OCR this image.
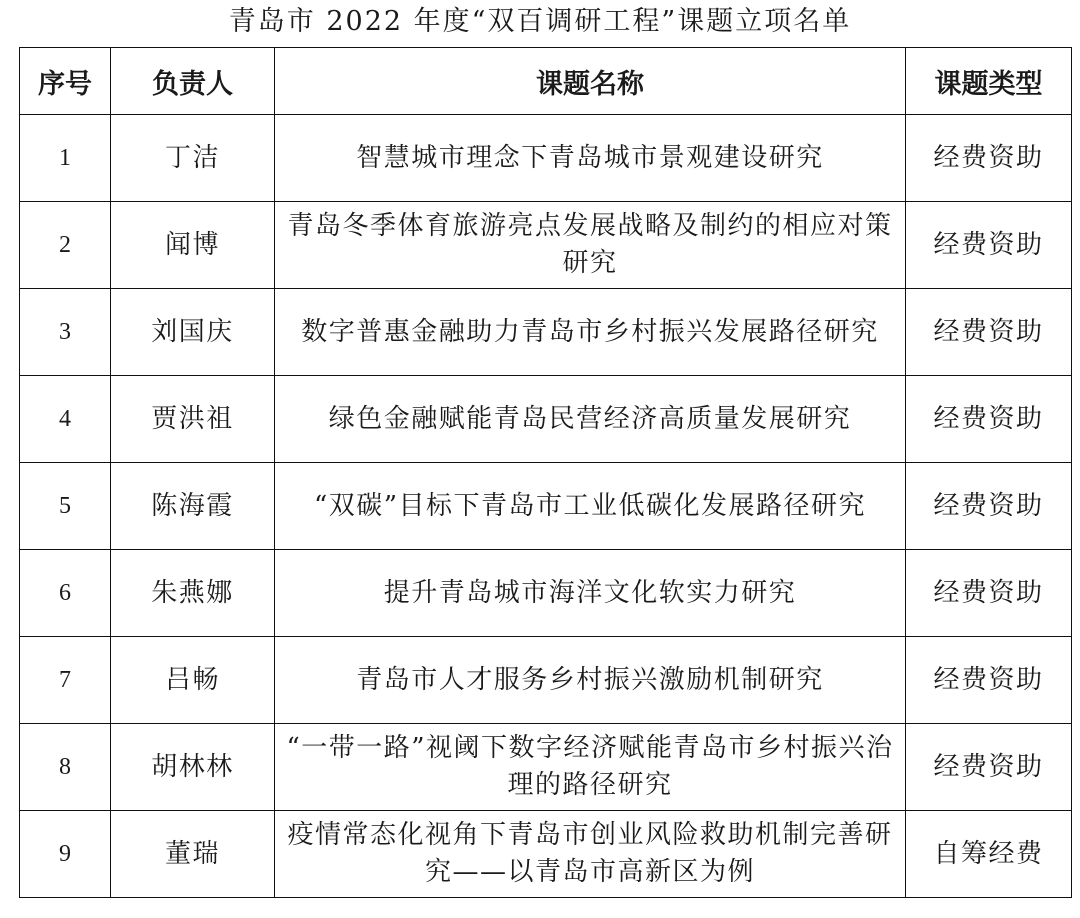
青岛市 2022 年度“双百调研工程”课题立项名单
序号	负责人	课题名称	课题类型
1	丁洁	智慧城市理念下青岛城市景观建设研究	经费资助
2	闻博	青岛冬季体育旅游亮点发展战略及制约的相应对策研究	经费资助
3	刘国庆	数字普惠金融助力青岛市乡村振兴发展路径研究	经费资助
4	贾洪祖	绿色金融赋能青岛民营经济高质量发展研究	经费资助
5	陈海霞	“双碳”目标下青岛市工业低碳化发展路径研究	经费资助
6	朱燕娜	提升青岛城市海洋文化软实力研究	经费资助
7	吕畅	青岛市人才服务乡村振兴激励机制研究	经费资助
8	胡林林	“一带一路”视阈下数字经济赋能青岛市乡村振兴治理的路径研究	经费资助
9	董瑞	疫情常态化视角下青岛市创业风险救助机制完善研究——以青岛市高新区为例	自筹经费
